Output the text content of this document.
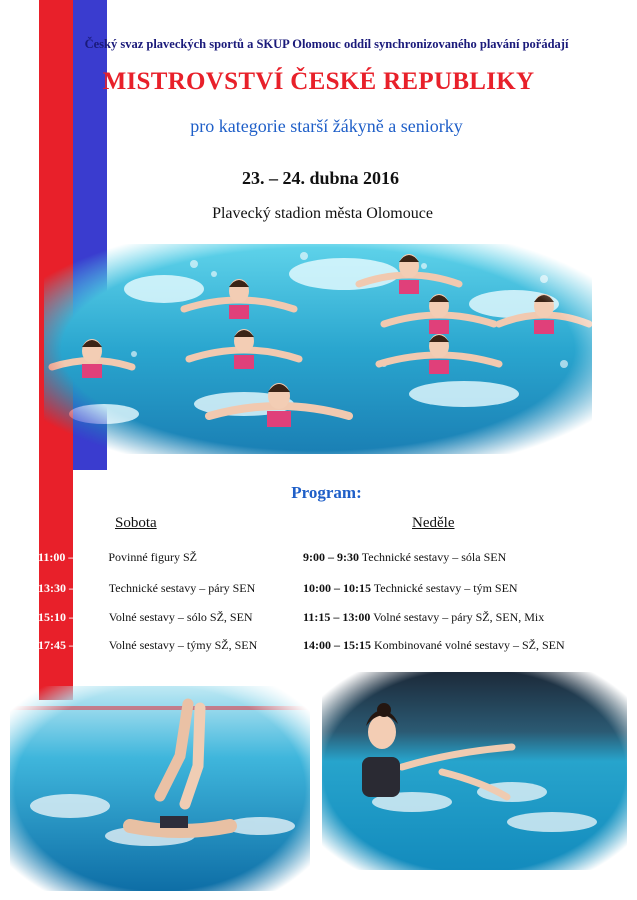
Český svaz plaveckých sportů a SKUP Olomouc oddíl synchronizovaného plavání pořádají
MISTROVSTVÍ ČESKÉ REPUBLIKY
pro kategorie starší žákyně a seniorky
23. – 24. dubna 2016
Plavecký stadion města Olomouce
Program:
Sobota	Neděle
11:00 – 12:45 Povinné figury SŽ
13:30 – 14:00 Technické sestavy – páry SEN
15:10 – 17:00 Volné sestavy – sólo SŽ, SEN
17:45 – 18:45 Volné sestavy – týmy SŽ, SEN
9:00 – 9:30 Technické sestavy – sóla SEN
10:00 – 10:15 Technické sestavy – tým SEN
11:15 – 13:00 Volné sestavy – páry SŽ, SEN, Mix
14:00 – 15:15 Kombinované volné sestavy – SŽ, SEN
